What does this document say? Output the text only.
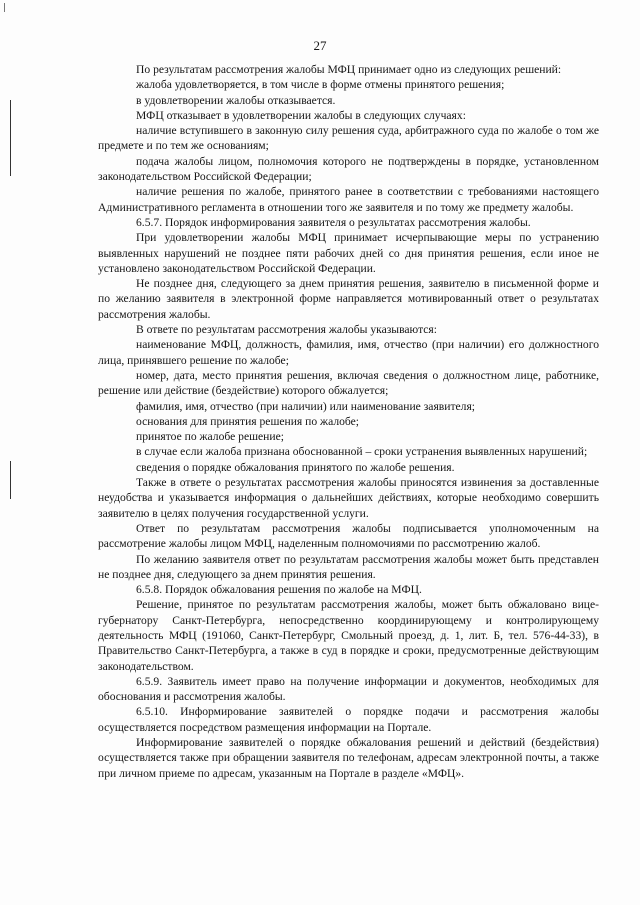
27

По результатам рассмотрения жалобы МФЦ принимает одно из следующих решений:

жалоба удовлетворяется, в том числе в форме отмены принятого решения;

в удовлетворении жалобы отказывается.

МФЦ отказывает в удовлетворении жалобы в следующих случаях:

наличие вступившего в законную силу решения суда, арбитражного суда по жалобе о том же предмете и по тем же основаниям;

подача жалобы лицом, полномочия которого не подтверждены в порядке, установленном законодательством Российской Федерации;

наличие решения по жалобе, принятого ранее в соответствии с требованиями настоящего Административного регламента в отношении того же заявителя и по тому же предмету жалобы.

6.5.7. Порядок информирования заявителя о результатах рассмотрения жалобы.

При удовлетворении жалобы МФЦ принимает исчерпывающие меры по устранению выявленных нарушений не позднее пяти рабочих дней со дня принятия решения, если иное не установлено законодательством Российской Федерации.

Не позднее дня, следующего за днем принятия решения, заявителю в письменной форме и по желанию заявителя в электронной форме направляется мотивированный ответ о результатах рассмотрения жалобы.

В ответе по результатам рассмотрения жалобы указываются:

наименование МФЦ, должность, фамилия, имя, отчество (при наличии) его должностного лица, принявшего решение по жалобе;

номер, дата, место принятия решения, включая сведения о должностном лице, работнике, решение или действие (бездействие) которого обжалуется;

фамилия, имя, отчество (при наличии) или наименование заявителя;

основания для принятия решения по жалобе;

принятое по жалобе решение;

в случае если жалоба признана обоснованной – сроки устранения выявленных нарушений;

сведения о порядке обжалования принятого по жалобе решения.

Также в ответе о результатах рассмотрения жалобы приносятся извинения за доставленные неудобства и указывается информация о дальнейших действиях, которые необходимо совершить заявителю в целях получения государственной услуги.

Ответ по результатам рассмотрения жалобы подписывается уполномоченным на рассмотрение жалобы лицом МФЦ, наделенным полномочиями по рассмотрению жалоб.

По желанию заявителя ответ по результатам рассмотрения жалобы может быть представлен не позднее дня, следующего за днем принятия решения.

6.5.8. Порядок обжалования решения по жалобе на МФЦ.

Решение, принятое по результатам рассмотрения жалобы, может быть обжаловано вице-губернатору Санкт-Петербурга, непосредственно координирующему и контролирующему деятельность МФЦ (191060, Санкт-Петербург, Смольный проезд, д. 1, лит. Б, тел. 576-44-33), в Правительство Санкт-Петербурга, а также в суд в порядке и сроки, предусмотренные действующим законодательством.

6.5.9. Заявитель имеет право на получение информации и документов, необходимых для обоснования и рассмотрения жалобы.

6.5.10. Информирование заявителей о порядке подачи и рассмотрения жалобы осуществляется посредством размещения информации на Портале.

Информирование заявителей о порядке обжалования решений и действий (бездействия) осуществляется также при обращении заявителя по телефонам, адресам электронной почты, а также при личном приеме по адресам, указанным на Портале в разделе «МФЦ».
